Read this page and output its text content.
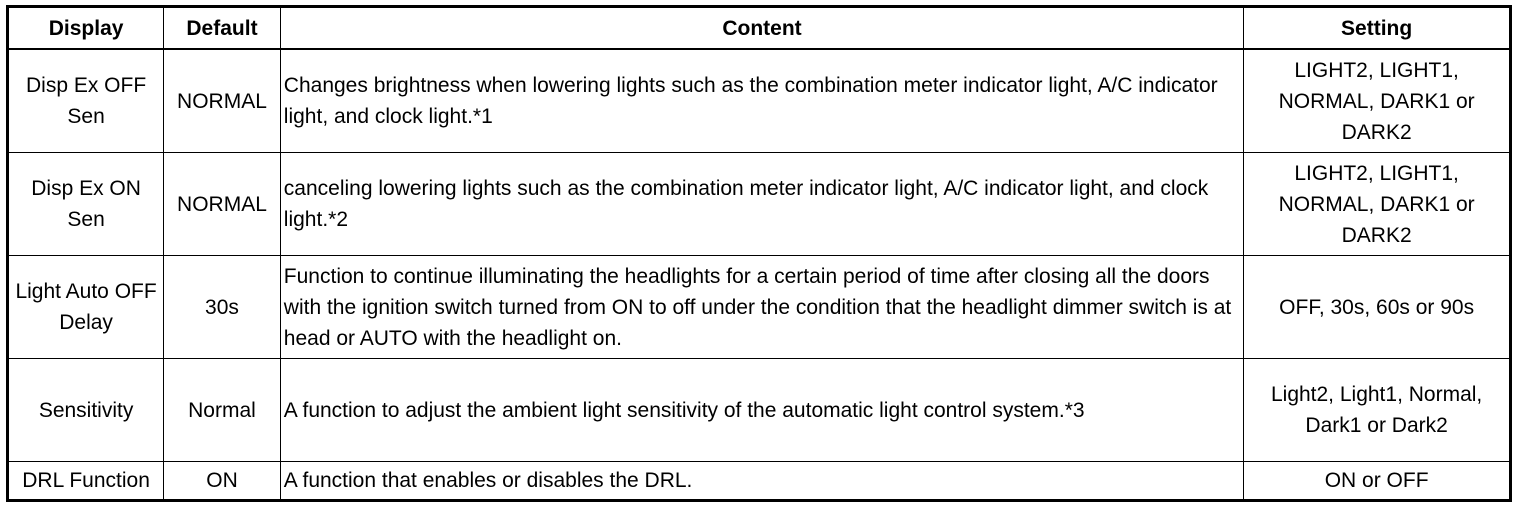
Display	Default	Content	Setting
Disp Ex OFF Sen	NORMAL	Changes brightness when lowering lights such as the combination meter indicator light, A/C indicator light, and clock light.*1	LIGHT2, LIGHT1, NORMAL, DARK1 or DARK2
Disp Ex ON Sen	NORMAL	canceling lowering lights such as the combination meter indicator light, A/C indicator light, and clock light.*2	LIGHT2, LIGHT1, NORMAL, DARK1 or DARK2
Light Auto OFF Delay	30s	Function to continue illuminating the headlights for a certain period of time after closing all the doors with the ignition switch turned from ON to off under the condition that the headlight dimmer switch is at head or AUTO with the headlight on.	OFF, 30s, 60s or 90s
Sensitivity	Normal	A function to adjust the ambient light sensitivity of the automatic light control system.*3	Light2, Light1, Normal, Dark1 or Dark2
DRL Function	ON	A function that enables or disables the DRL.	ON or OFF
